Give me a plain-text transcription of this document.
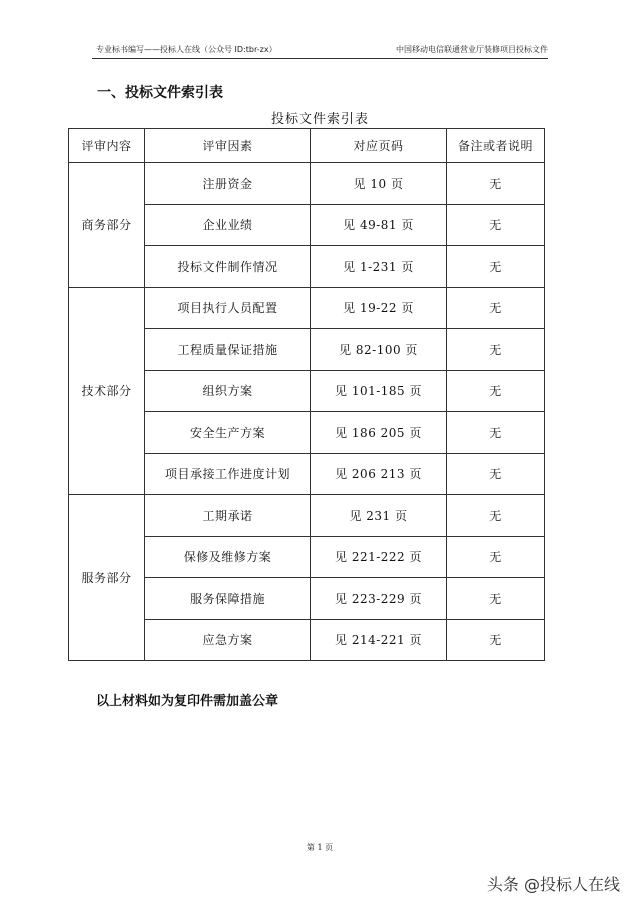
专业标书编写——投标人在线（公众号 ID:tbr-zx）	中国移动电信联通营业厅装修项目投标文件
一、投标文件索引表
投标文件索引表
评审内容	评审因素	对应页码	备注或者说明
商务部分	注册资金	见 10 页	无
	企业业绩	见 49-81 页	无
	投标文件制作情况	见 1-231 页	无
技术部分	项目执行人员配置	见 19-22 页	无
	工程质量保证措施	见 82-100 页	无
	组织方案	见 101-185 页	无
	安全生产方案	见 186 205 页	无
	项目承接工作进度计划	见 206 213 页	无
服务部分	工期承诺	见 231 页	无
	保修及维修方案	见 221-222 页	无
	服务保障措施	见 223-229 页	无
	应急方案	见 214-221 页	无
以上材料如为复印件需加盖公章
第 1 页
头条 @投标人在线
